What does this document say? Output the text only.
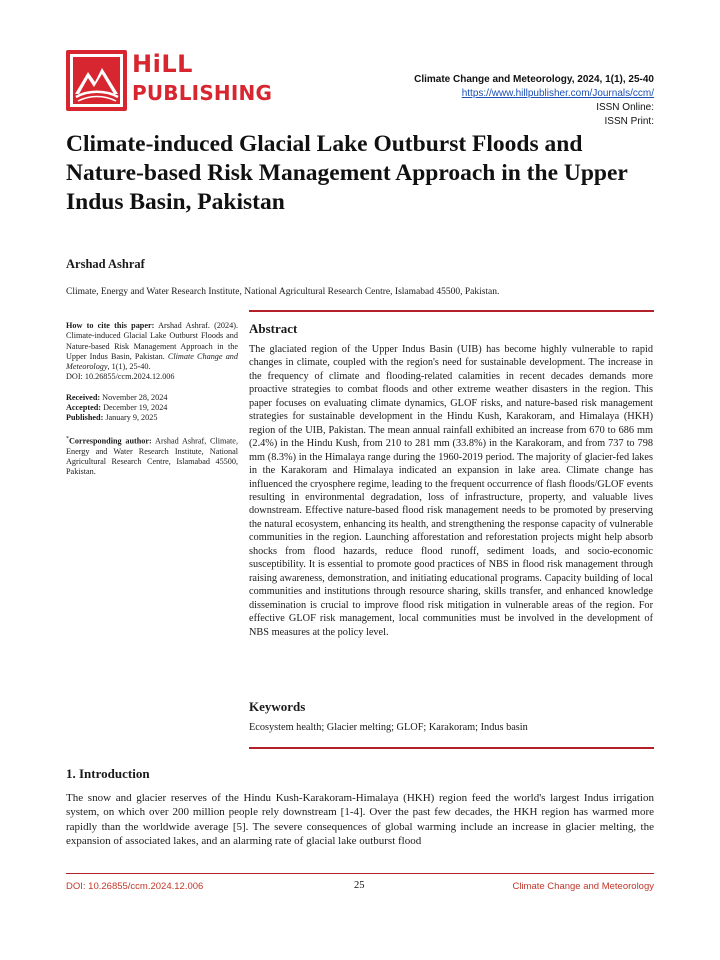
HiLL
PUBLISHING
Climate Change and Meteorology, 2024, 1(1), 25-40
https://www.hillpublisher.com/Journals/ccm/
ISSN Online:
ISSN Print:
Climate-induced Glacial Lake Outburst Floods and Nature-based Risk Management Approach in the Upper Indus Basin, Pakistan
Arshad Ashraf
Climate, Energy and Water Research Institute, National Agricultural Research Centre, Islamabad 45500, Pakistan.

How to cite this paper: Arshad Ashraf. (2024). Climate-induced Glacial Lake Outburst Floods and Nature-based Risk Management Approach in the Upper Indus Basin, Pakistan. Climate Change and Meteorology, 1(1), 25-40.
DOI: 10.26855/ccm.2024.12.006

Received: November 28, 2024
Accepted: December 19, 2024
Published: January 9, 2025

*Corresponding author: Arshad Ashraf, Climate, Energy and Water Research Institute, National Agricultural Research Centre, Islamabad 45500, Pakistan.

Abstract
The glaciated region of the Upper Indus Basin (UIB) has become highly vulnerable to rapid changes in climate, coupled with the region's need for sustainable development. The increase in the frequency of climate and flooding-related calamities in recent decades demands more proactive strategies to combat floods and other extreme weather disasters in the region. This paper focuses on evaluating climate dynamics, GLOF risks, and nature-based risk management strategies for sustainable development in the Hindu Kush, Karakoram, and Himalaya (HKH) region of the UIB, Pakistan. The mean annual rainfall exhibited an increase from 670 to 686 mm (2.4%) in the Hindu Kush, from 210 to 281 mm (33.8%) in the Karakoram, and from 737 to 798 mm (8.3%) in the Himalaya range during the 1960-2019 period. The majority of glacier-fed lakes in the Karakoram and Himalaya indicated an expansion in lake area. Climate change has influenced the cryosphere regime, leading to the frequent occurrence of flash floods/GLOF events resulting in environmental degradation, loss of infrastructure, property, and valuable lives downstream. Effective nature-based flood risk management needs to be promoted by preserving the natural ecosystem, enhancing its health, and strengthening the response capacity of vulnerable communities in the region. Launching afforestation and reforestation projects might help absorb shocks from flood hazards, reduce flood runoff, sediment loads, and socio-economic susceptibility. It is essential to promote good practices of NBS in flood risk management through raising awareness, demonstration, and initiating educational programs. Capacity building of local communities and institutions through resource sharing, skills transfer, and enhanced knowledge dissemination is crucial to improve flood risk mitigation in vulnerable areas of the region. For effective GLOF risk management, local communities must be involved in the development of NBS measures at the policy level.
Keywords
Ecosystem health; Glacier melting; GLOF; Karakoram; Indus basin
1. Introduction
The snow and glacier reserves of the Hindu Kush-Karakoram-Himalaya (HKH) region feed the world's largest Indus irrigation system, on which over 200 million people rely downstream [1-4]. Over the past few decades, the HKH region has warmed more rapidly than the worldwide average [5]. The severe consequences of global warming include an increase in glacier melting, the expansion of associated lakes, and an alarming rate of glacial lake outburst flood
DOI: 10.26855/ccm.2024.12.006	25	Climate Change and Meteorology
